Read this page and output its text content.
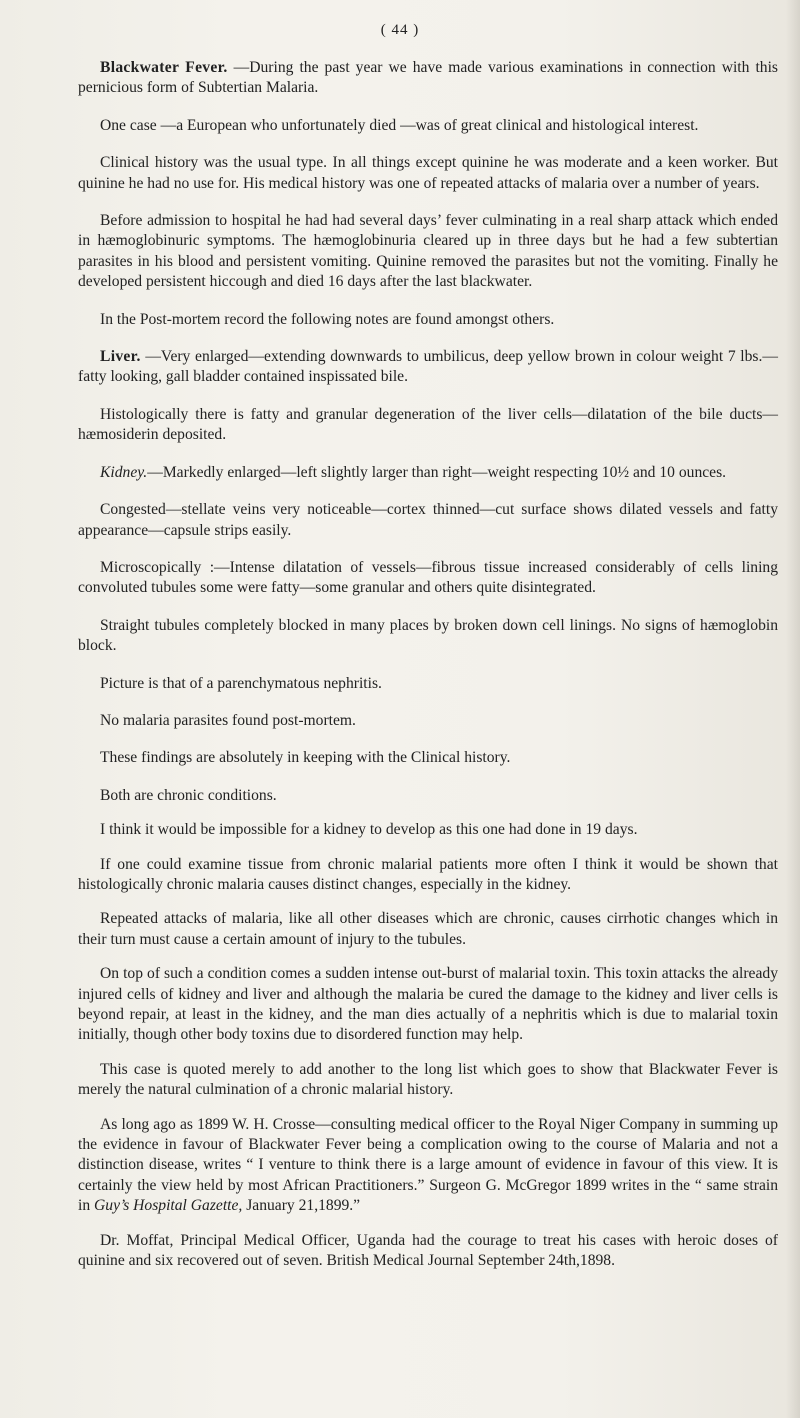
( 44 )

Blackwater Fever. —During the past year we have made various examinations in connection with this pernicious form of Subtertian Malaria.

One case —a European who unfortunately died —was of great clinical and histological interest.

Clinical history was the usual type. In all things except quinine he was moderate and a keen worker. But quinine he had no use for. His medical history was one of repeated attacks of malaria over a number of years.

Before admission to hospital he had had several days’ fever culminating in a real sharp attack which ended in hæmoglobinuric symptoms. The hæmoglobinuria cleared up in three days but he had a few subtertian parasites in his blood and persistent vomiting. Quinine removed the parasites but not the vomiting. Finally he developed persistent hiccough and died 16 days after the last blackwater.

In the Post-mortem record the following notes are found amongst others.

Liver. —Very enlarged—extending downwards to umbilicus, deep yellow brown in colour weight 7 lbs.—fatty looking, gall bladder contained inspissated bile.

Histologically there is fatty and granular degeneration of the liver cells—dilatation of the bile ducts—hæmosiderin deposited.

Kidney.—Markedly enlarged—left slightly larger than right—weight respecting 10½ and 10 ounces.

Congested—stellate veins very noticeable—cortex thinned—cut surface shows dilated vessels and fatty appearance—capsule strips easily.

Microscopically :—Intense dilatation of vessels—fibrous tissue increased considerably of cells lining convoluted tubules some were fatty—some granular and others quite disintegrated.

Straight tubules completely blocked in many places by broken down cell linings. No signs of hæmoglobin block.

Picture is that of a parenchymatous nephritis.

No malaria parasites found post-mortem.

These findings are absolutely in keeping with the Clinical history.

Both are chronic conditions.

I think it would be impossible for a kidney to develop as this one had done in 19 days.

If one could examine tissue from chronic malarial patients more often I think it would be shown that histologically chronic malaria causes distinct changes, especially in the kidney.

Repeated attacks of malaria, like all other diseases which are chronic, causes cirrhotic changes which in their turn must cause a certain amount of injury to the tubules.

On top of such a condition comes a sudden intense out-burst of malarial toxin. This toxin attacks the already injured cells of kidney and liver and although the malaria be cured the damage to the kidney and liver cells is beyond repair, at least in the kidney, and the man dies actually of a nephritis which is due to malarial toxin initially, though other body toxins due to disordered function may help.

This case is quoted merely to add another to the long list which goes to show that Blackwater Fever is merely the natural culmination of a chronic malarial history.

As long ago as 1899 W. H. Crosse—consulting medical officer to the Royal Niger Company in summing up the evidence in favour of Blackwater Fever being a complication owing to the course of Malaria and not a distinction disease, writes “ I venture to think there is a large amount of evidence in favour of this view. It is certainly the view held by most African Practitioners.” Surgeon G. McGregor 1899 writes in the “ same strain in Guy’s Hospital Gazette, January 21,1899.”

Dr. Moffat, Principal Medical Officer, Uganda had the courage to treat his cases with heroic doses of quinine and six recovered out of seven. British Medical Journal September 24th,1898.
